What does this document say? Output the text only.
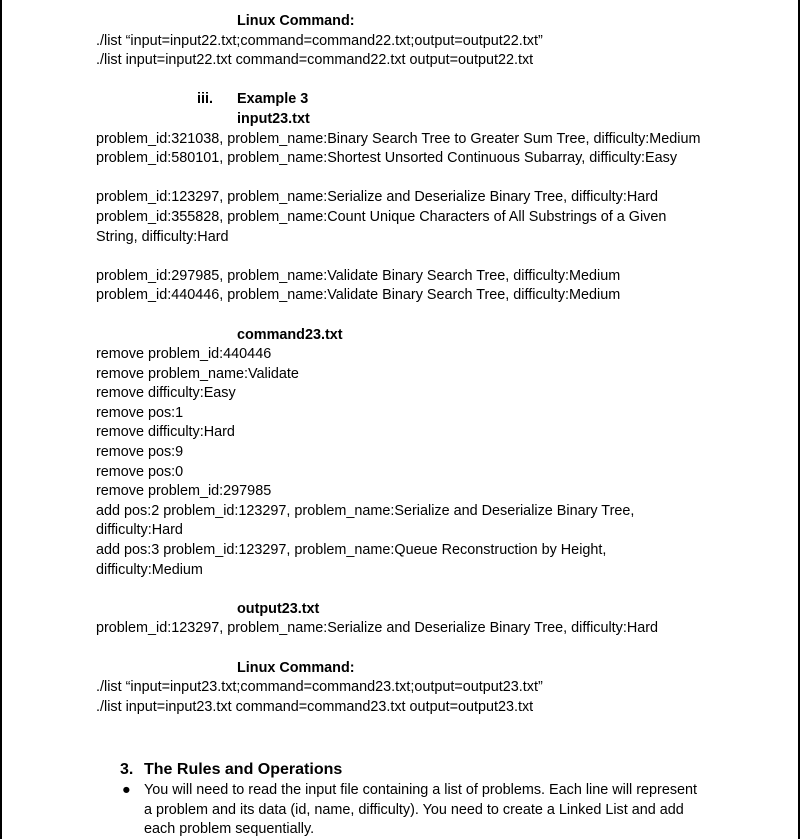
Linux Command:
./list “input=input22.txt;command=command22.txt;output=output22.txt”
./list input=input22.txt command=command22.txt output=output22.txt
iii.	Example 3
input23.txt
problem_id:321038, problem_name:Binary Search Tree to Greater Sum Tree, difficulty:Medium
problem_id:580101, problem_name:Shortest Unsorted Continuous Subarray, difficulty:Easy
problem_id:123297, problem_name:Serialize and Deserialize Binary Tree, difficulty:Hard
problem_id:355828, problem_name:Count Unique Characters of All Substrings of a Given
String, difficulty:Hard
problem_id:297985, problem_name:Validate Binary Search Tree, difficulty:Medium
problem_id:440446, problem_name:Validate Binary Search Tree, difficulty:Medium
command23.txt
remove problem_id:440446
remove problem_name:Validate
remove difficulty:Easy
remove pos:1
remove difficulty:Hard
remove pos:9
remove pos:0
remove problem_id:297985
add pos:2 problem_id:123297, problem_name:Serialize and Deserialize Binary Tree,
difficulty:Hard
add pos:3 problem_id:123297, problem_name:Queue Reconstruction by Height,
difficulty:Medium
output23.txt
problem_id:123297, problem_name:Serialize and Deserialize Binary Tree, difficulty:Hard
Linux Command:
./list “input=input23.txt;command=command23.txt;output=output23.txt”
./list input=input23.txt command=command23.txt output=output23.txt
3. The Rules and Operations
● You will need to read the input file containing a list of problems. Each line will represent
a problem and its data (id, name, difficulty). You need to create a Linked List and add
each problem sequentially.
